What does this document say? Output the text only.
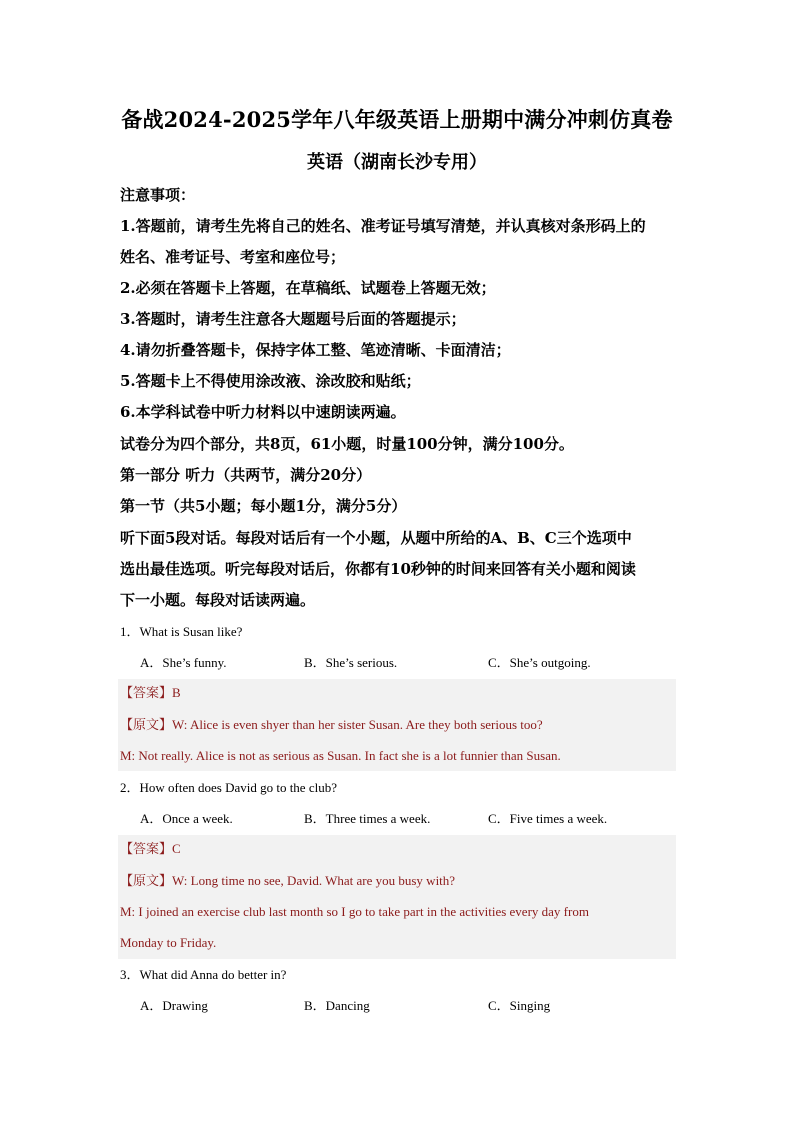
备战2024-2025学年八年级英语上册期中满分冲刺仿真卷
英语（湖南长沙专用）
注意事项：
1.答题前，请考生先将自己的姓名、准考证号填写清楚，并认真核对条形码上的
姓名、准考证号、考室和座位号；
2.必须在答题卡上答题，在草稿纸、试题卷上答题无效；
3.答题时，请考生注意各大题题号后面的答题提示；
4.请勿折叠答题卡，保持字体工整、笔迹清晰、卡面清洁；
5.答题卡上不得使用涂改液、涂改胶和贴纸；
6.本学科试卷中听力材料以中速朗读两遍。
试卷分为四个部分，共8页，61小题，时量100分钟，满分100分。
第一部分 听力（共两节，满分20分）
第一节（共5小题；每小题1分，满分5分）
听下面5段对话。每段对话后有一个小题，从题中所给的A、B、C三个选项中
选出最佳选项。听完每段对话后，你都有10秒钟的时间来回答有关小题和阅读
下一小题。每段对话读两遍。
1．What is Susan like?
A．She’s funny.	B．She’s serious.	C．She’s outgoing.
【答案】B
【原文】W: Alice is even shyer than her sister Susan. Are they both serious too?
M: Not really. Alice is not as serious as Susan. In fact she is a lot funnier than Susan.
2．How often does David go to the club?
A．Once a week.	B．Three times a week.	C．Five times a week.
【答案】C
【原文】W: Long time no see, David. What are you busy with?
M: I joined an exercise club last month so I go to take part in the activities every day from
Monday to Friday.
3．What did Anna do better in?
A．Drawing	B．Dancing	C．Singing
